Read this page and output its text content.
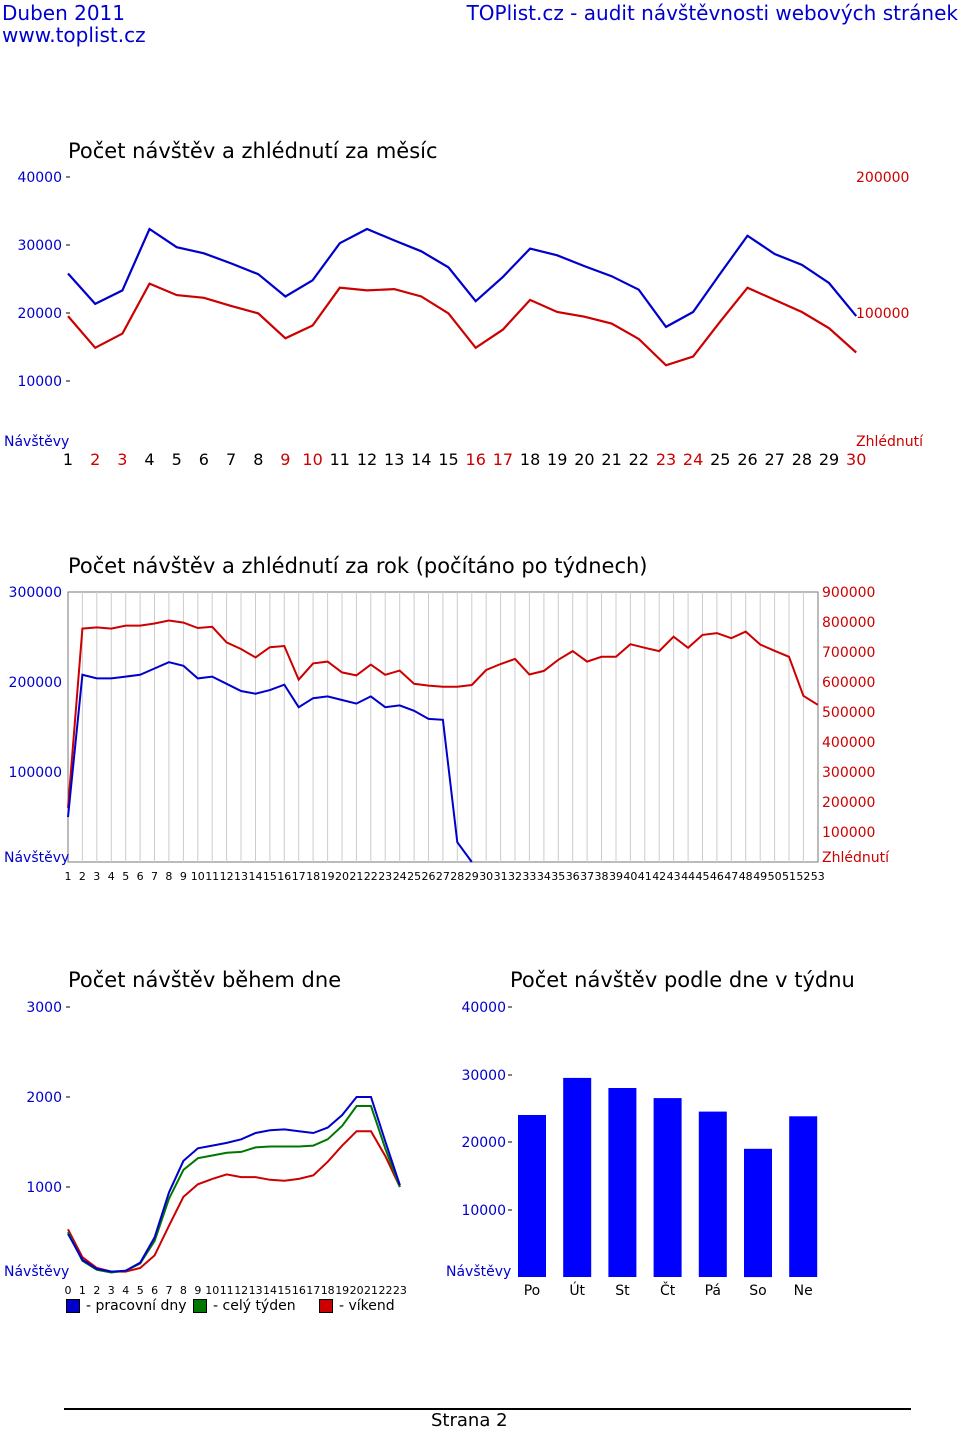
Duben 2011
www.toplist.cz
TOPlist.cz - audit návštěvnosti webových stránek
Počet návštěv a zhlédnutí za měsíc
40000
30000
20000
10000
200000
100000
Návštěvy	Zhlédnutí
1 2 3 4 5 6 7 8 9 10 11 12 13 14 15 16 17 18 19 20 21 22 23 24 25 26 27 28 29 30
Počet návštěv a zhlédnutí za rok (počítáno po týdnech)
300000
200000
100000
900000
800000
700000
600000
500000
400000
300000
200000
100000
Návštěvy	Zhlédnutí
1 2 3 4 5 6 7 8 9 10 11 12 13 14 15 16 17 18 19 20 21 22 23 24 25 26 27 28 29 30 31 32 33 34 35 36 37 38 39 40 41 42 43 44 45 46 47 48 49 50 51 52 53
Počet návštěv během dne
3000
2000
1000
Návštěvy
0 1 2 3 4 5 6 7 8 9 10 11 12 13 14 15 16 17 18 19 20 21 22 23
- pracovní dny - celý týden	- víkend
Počet návštěv podle dne v týdnu
40000
30000
20000
10000
Návštěvy
Po Út St Čt Pá So Ne
Strana 2
